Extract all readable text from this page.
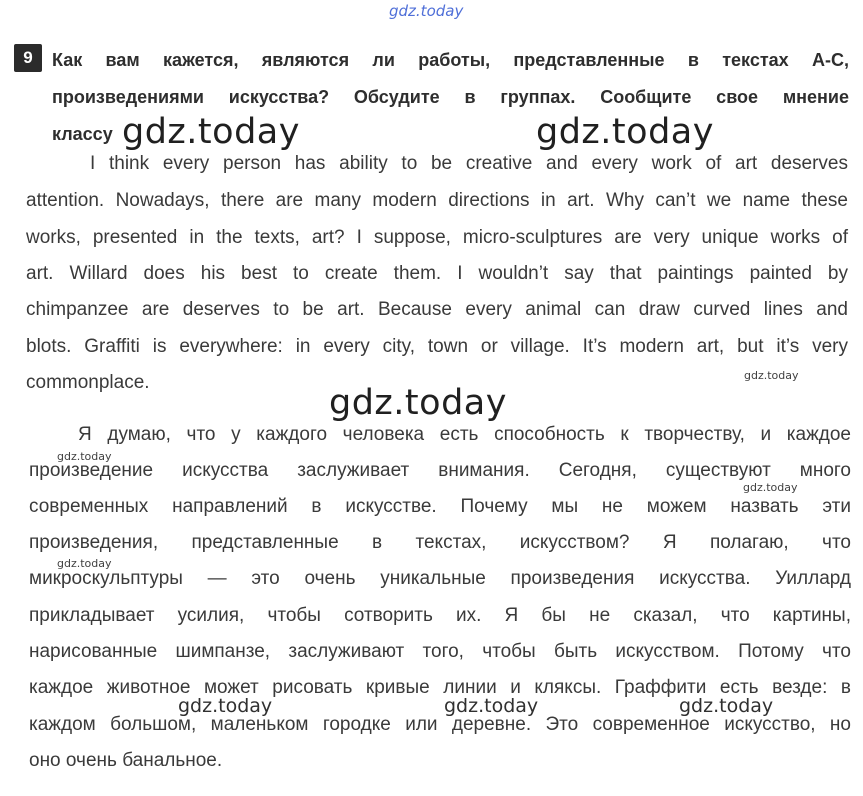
gdz.today
9	Как вам кажется, являются ли работы, представленные в текстах А-С,
произведениями искусства? Обсудите в группах. Сообщите свое мнение
классу

I think every person has ability to be creative and every work of art deserves

attention. Nowadays, there are many modern directions in art. Why can’t we name these

works, presented in the texts, art? I suppose, micro-sculptures are very unique works of

art. Willard does his best to create them. I wouldn’t say that paintings painted by

chimpanzee are deserves to be art. Because every animal can draw curved lines and

blots. Graffiti is everywhere: in every city, town or village. It’s modern art, but it’s very

commonplace.

Я думаю, что у каждого человека есть способность к творчеству, и каждое

произведение искусства заслуживает внимания. Сегодня, существуют много

современных направлений в искусстве. Почему мы не можем назвать эти

произведения, представленные в текстах, искусством? Я полагаю, что

микроскульптуры — это очень уникальные произведения искусства. Уиллард

прикладывает усилия, чтобы сотворить их. Я бы не сказал, что картины,

нарисованные шимпанзе, заслуживают того, чтобы быть искусством. Потому что

каждое животное может рисовать кривые линии и кляксы. Граффити есть везде: в

каждом большом, маленьком городке или деревне. Это современное искусство, но

оно очень банальное.

gdz.today	gdz.today
gdz.today
gdz.today
gdz.today
gdz.today
gdz.today
gdz.today	gdz.today	gdz.today
